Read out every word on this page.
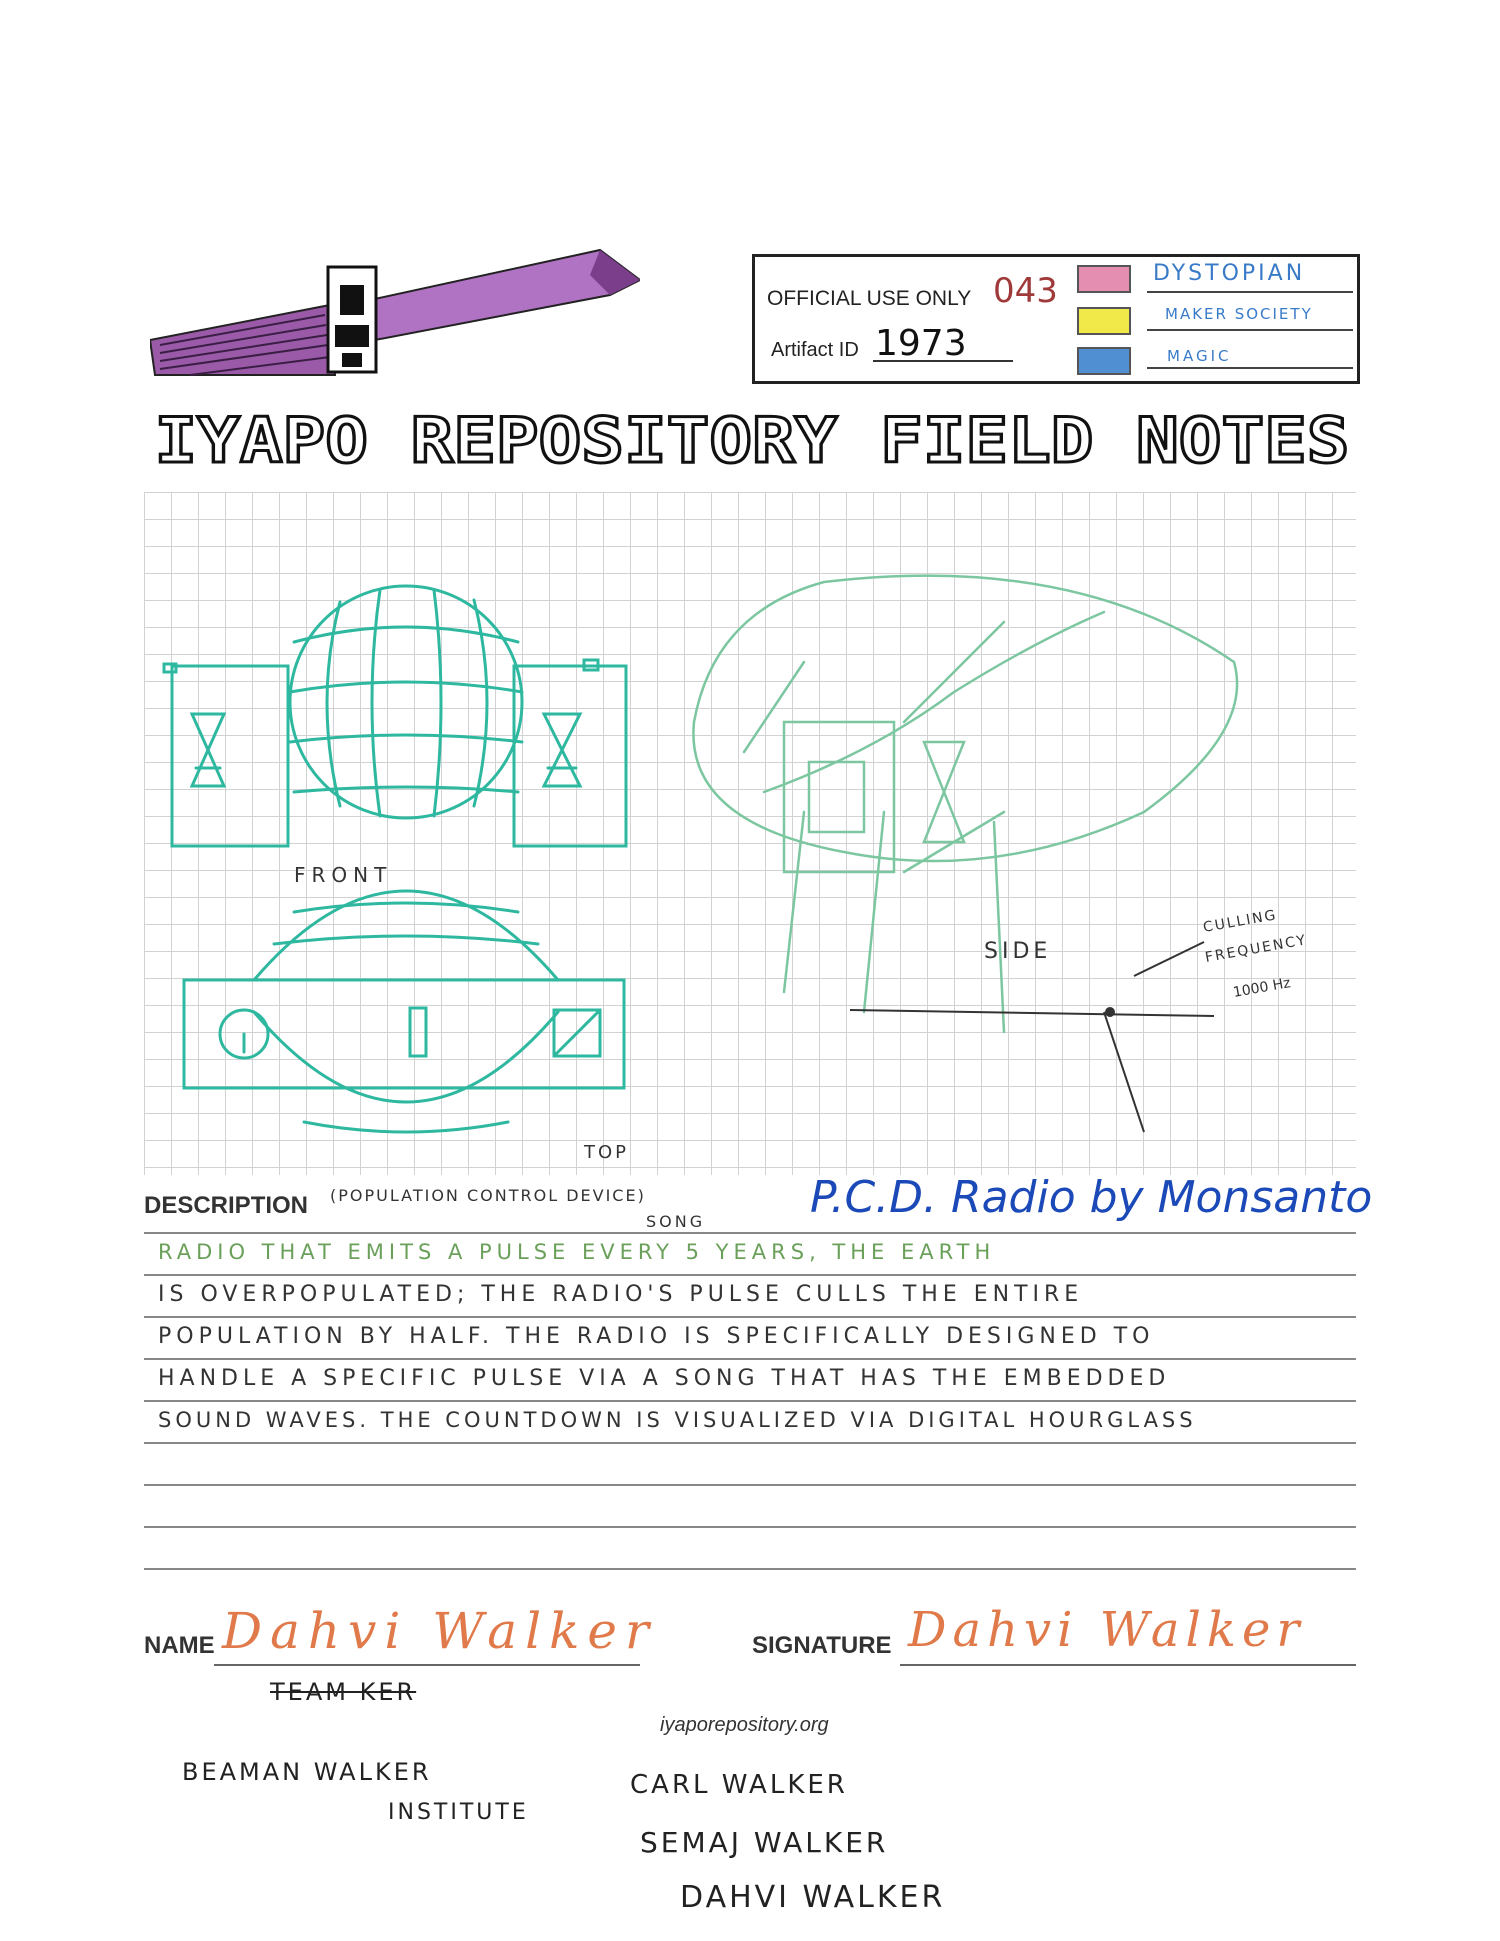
OFFICIAL USE ONLY 043
Artifact ID 1973
DYSTOPIAN
MAKER SOCIETY
MAGIC
IYAPO REPOSITORY FIELD NOTES
FRONT
TOP
SIDE
CULLING
FREQUENCY
1000 Hz
DESCRIPTION (POPULATION CONTROL DEVICE)	P.C.D. Radio by Monsanto
SONG
RADIO THAT EMITS A PULSE EVERY 5 YEARS, THE EARTH
IS OVERPOPULATED; THE RADIO'S PULSE CULLS THE ENTIRE
POPULATION BY HALF. THE RADIO IS SPECIFICALLY DESIGNED TO
HANDLE A SPECIFIC PULSE VIA A SONG THAT HAS THE EMBEDDED
SOUND WAVES. THE COUNTDOWN IS VISUALIZED VIA DIGITAL HOURGLASS
NAME Dahvi Walker
TEAM KER
SIGNATURE Dahvi Walker
iyaporepository.org
BEAMAN WALKER
INSTITUTE
CARL WALKER
SEMAJ WALKER
DAHVI WALKER
